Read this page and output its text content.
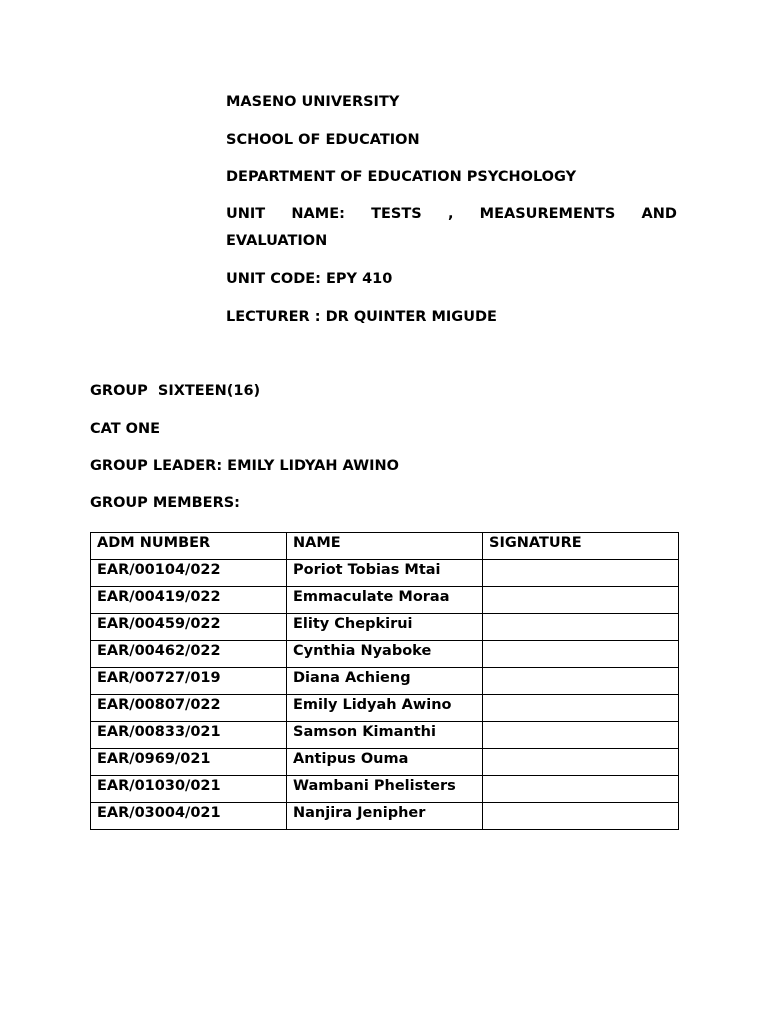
MASENO UNIVERSITY
SCHOOL OF EDUCATION
DEPARTMENT OF EDUCATION PSYCHOLOGY
UNIT NAME: TESTS , MEASUREMENTS AND
EVALUATION
UNIT CODE: EPY 410
LECTURER : DR QUINTER MIGUDE
GROUP  SIXTEEN(16)
CAT ONE
GROUP LEADER: EMILY LIDYAH AWINO
GROUP MEMBERS:
ADM NUMBER	NAME	SIGNATURE
EAR/00104/022	Poriot Tobias Mtai	
EAR/00419/022	Emmaculate Moraa	
EAR/00459/022	Elity Chepkirui	
EAR/00462/022	Cynthia Nyaboke	
EAR/00727/019	Diana Achieng	
EAR/00807/022	Emily Lidyah Awino	
EAR/00833/021	Samson Kimanthi	
EAR/0969/021	Antipus Ouma	
EAR/01030/021	Wambani Phelisters	
EAR/03004/021	Nanjira Jenipher	
